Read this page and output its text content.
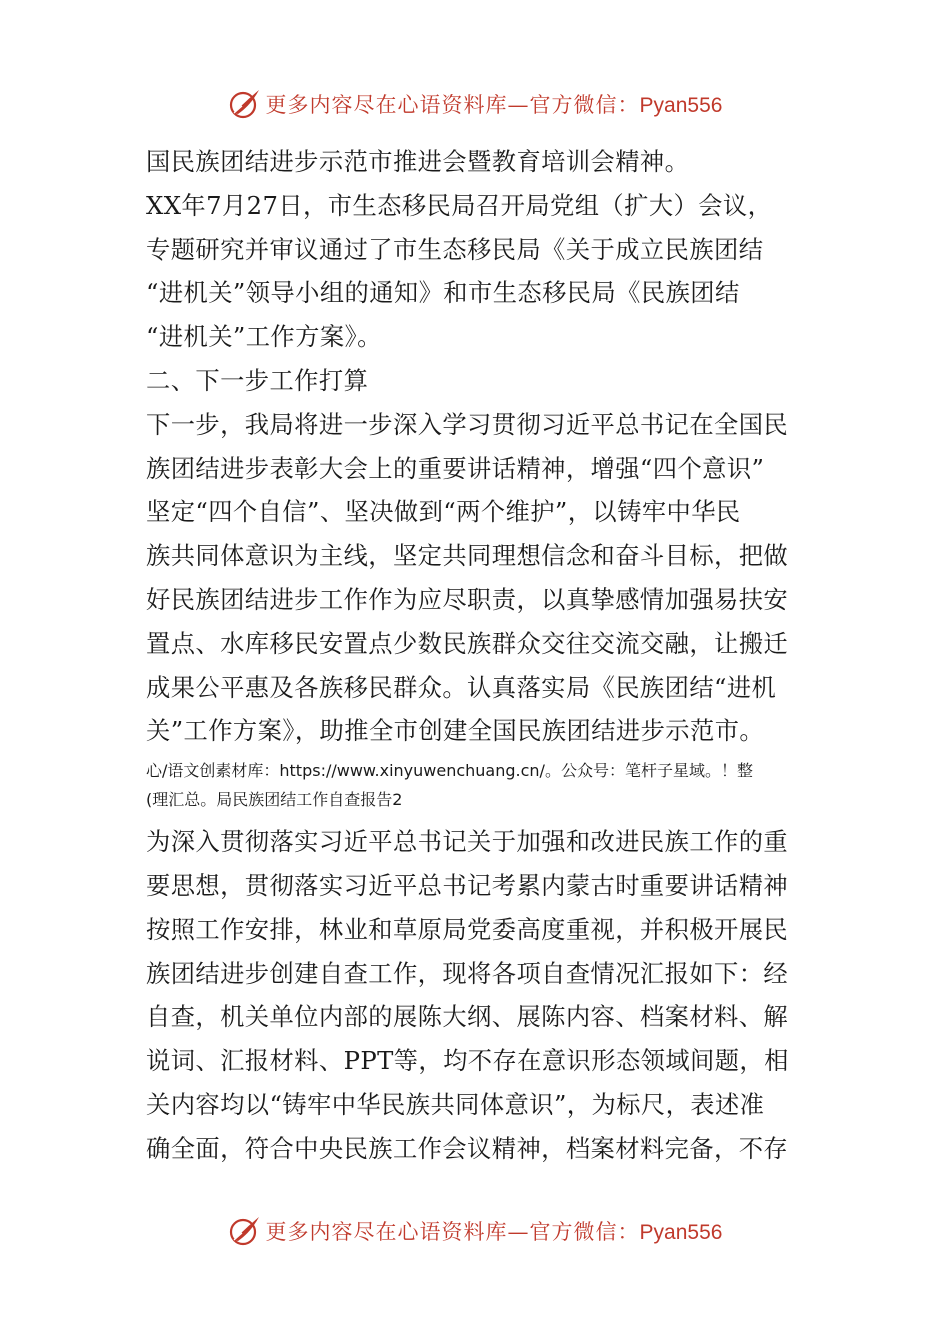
更多内容尽在心语资料库—官方微信：Pyan556
国民族团结进步示范市推进会暨教育培训会精神。
XX年7月27日，市生态移民局召开局党组（扩大）会议，
专题研究并审议通过了市生态移民局《关于成立民族团结
“进机关”领导小组的通知》和市生态移民局《民族团结
“进机关”工作方案》。
二、下一步工作打算
下一步，我局将进一步深入学习贯彻习近平总书记在全国民
族团结进步表彰大会上的重要讲话精神，增强“四个意识”
坚定“四个自信”、坚决做到“两个维护”，以铸牢中华民
族共同体意识为主线，坚定共同理想信念和奋斗目标，把做
好民族团结进步工作作为应尽职责，以真挚感情加强易扶安
置点、水库移民安置点少数民族群众交往交流交融，让搬迁
成果公平惠及各族移民群众。认真落实局《民族团结“进机
关”工作方案》，助推全市创建全国民族团结进步示范市。
心/语文创素材库：https://www.xinyuwenchuang.cn/。公众号：笔杆子星域。！整
(理汇总。局民族团结工作自查报告2
为深入贯彻落实习近平总书记关于加强和改进民族工作的重
要思想，贯彻落实习近平总书记考累内蒙古时重要讲话精神
按照工作安排，林业和草原局党委高度重视，并积极开展民
族团结进步创建自查工作，现将各项自查情况汇报如下：经
自查，机关单位内部的展陈大纲、展陈内容、档案材料、解
说词、汇报材料、PPT等，均不存在意识形态领域间题，相
关内容均以“铸牢中华民族共同体意识”，为标尺，表述准
确全面，符合中央民族工作会议精神，档案材料完备，不存
更多内容尽在心语资料库—官方微信：Pyan556
